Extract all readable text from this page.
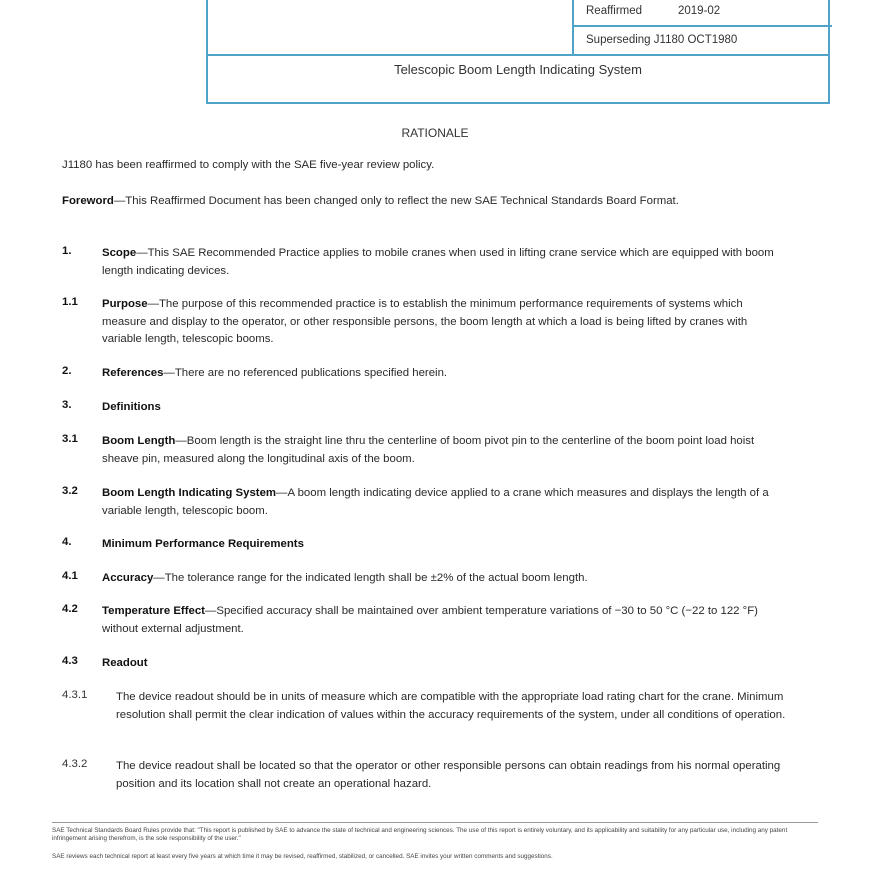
Reaffirmed	2019-02
Superseding J1180 OCT1980
Telescopic Boom Length Indicating System
RATIONALE
J1180 has been reaffirmed to comply with the SAE five-year review policy.
Foreword—This Reaffirmed Document has been changed only to reflect the new SAE Technical Standards Board Format.
1.	Scope—This SAE Recommended Practice applies to mobile cranes when used in lifting crane service which are equipped with boom length indicating devices.
1.1 Purpose—The purpose of this recommended practice is to establish the minimum performance requirements of systems which measure and display to the operator, or other responsible persons, the boom length at which a load is being lifted by cranes with variable length, telescopic booms.
2.	References—There are no referenced publications specified herein.
3.	Definitions
3.1 Boom Length—Boom length is the straight line thru the centerline of boom pivot pin to the centerline of the boom point load hoist sheave pin, measured along the longitudinal axis of the boom.
3.2 Boom Length Indicating System—A boom length indicating device applied to a crane which measures and displays the length of a variable length, telescopic boom.
4.	Minimum Performance Requirements
4.1 Accuracy—The tolerance range for the indicated length shall be ±2% of the actual boom length.
4.2 Temperature Effect—Specified accuracy shall be maintained over ambient temperature variations of −30 to 50 °C (−22 to 122 °F) without external adjustment.
4.3 Readout
4.3.1	The device readout should be in units of measure which are compatible with the appropriate load rating chart for the crane. Minimum resolution shall permit the clear indication of values within the accuracy requirements of the system, under all conditions of operation.
4.3.2	The device readout shall be located so that the operator or other responsible persons can obtain readings from his normal operating position and its location shall not create an operational hazard.
SAE Technical Standards Board Rules provide that: "This report is published by SAE to advance the state of technical and engineering sciences. The use of this report is entirely voluntary, and its applicability and suitability for any particular use, including any patent infringement arising therefrom, is the sole responsibility of the user."
SAE reviews each technical report at least every five years at which time it may be revised, reaffirmed, stabilized, or cancelled. SAE invites your written comments and suggestions.
